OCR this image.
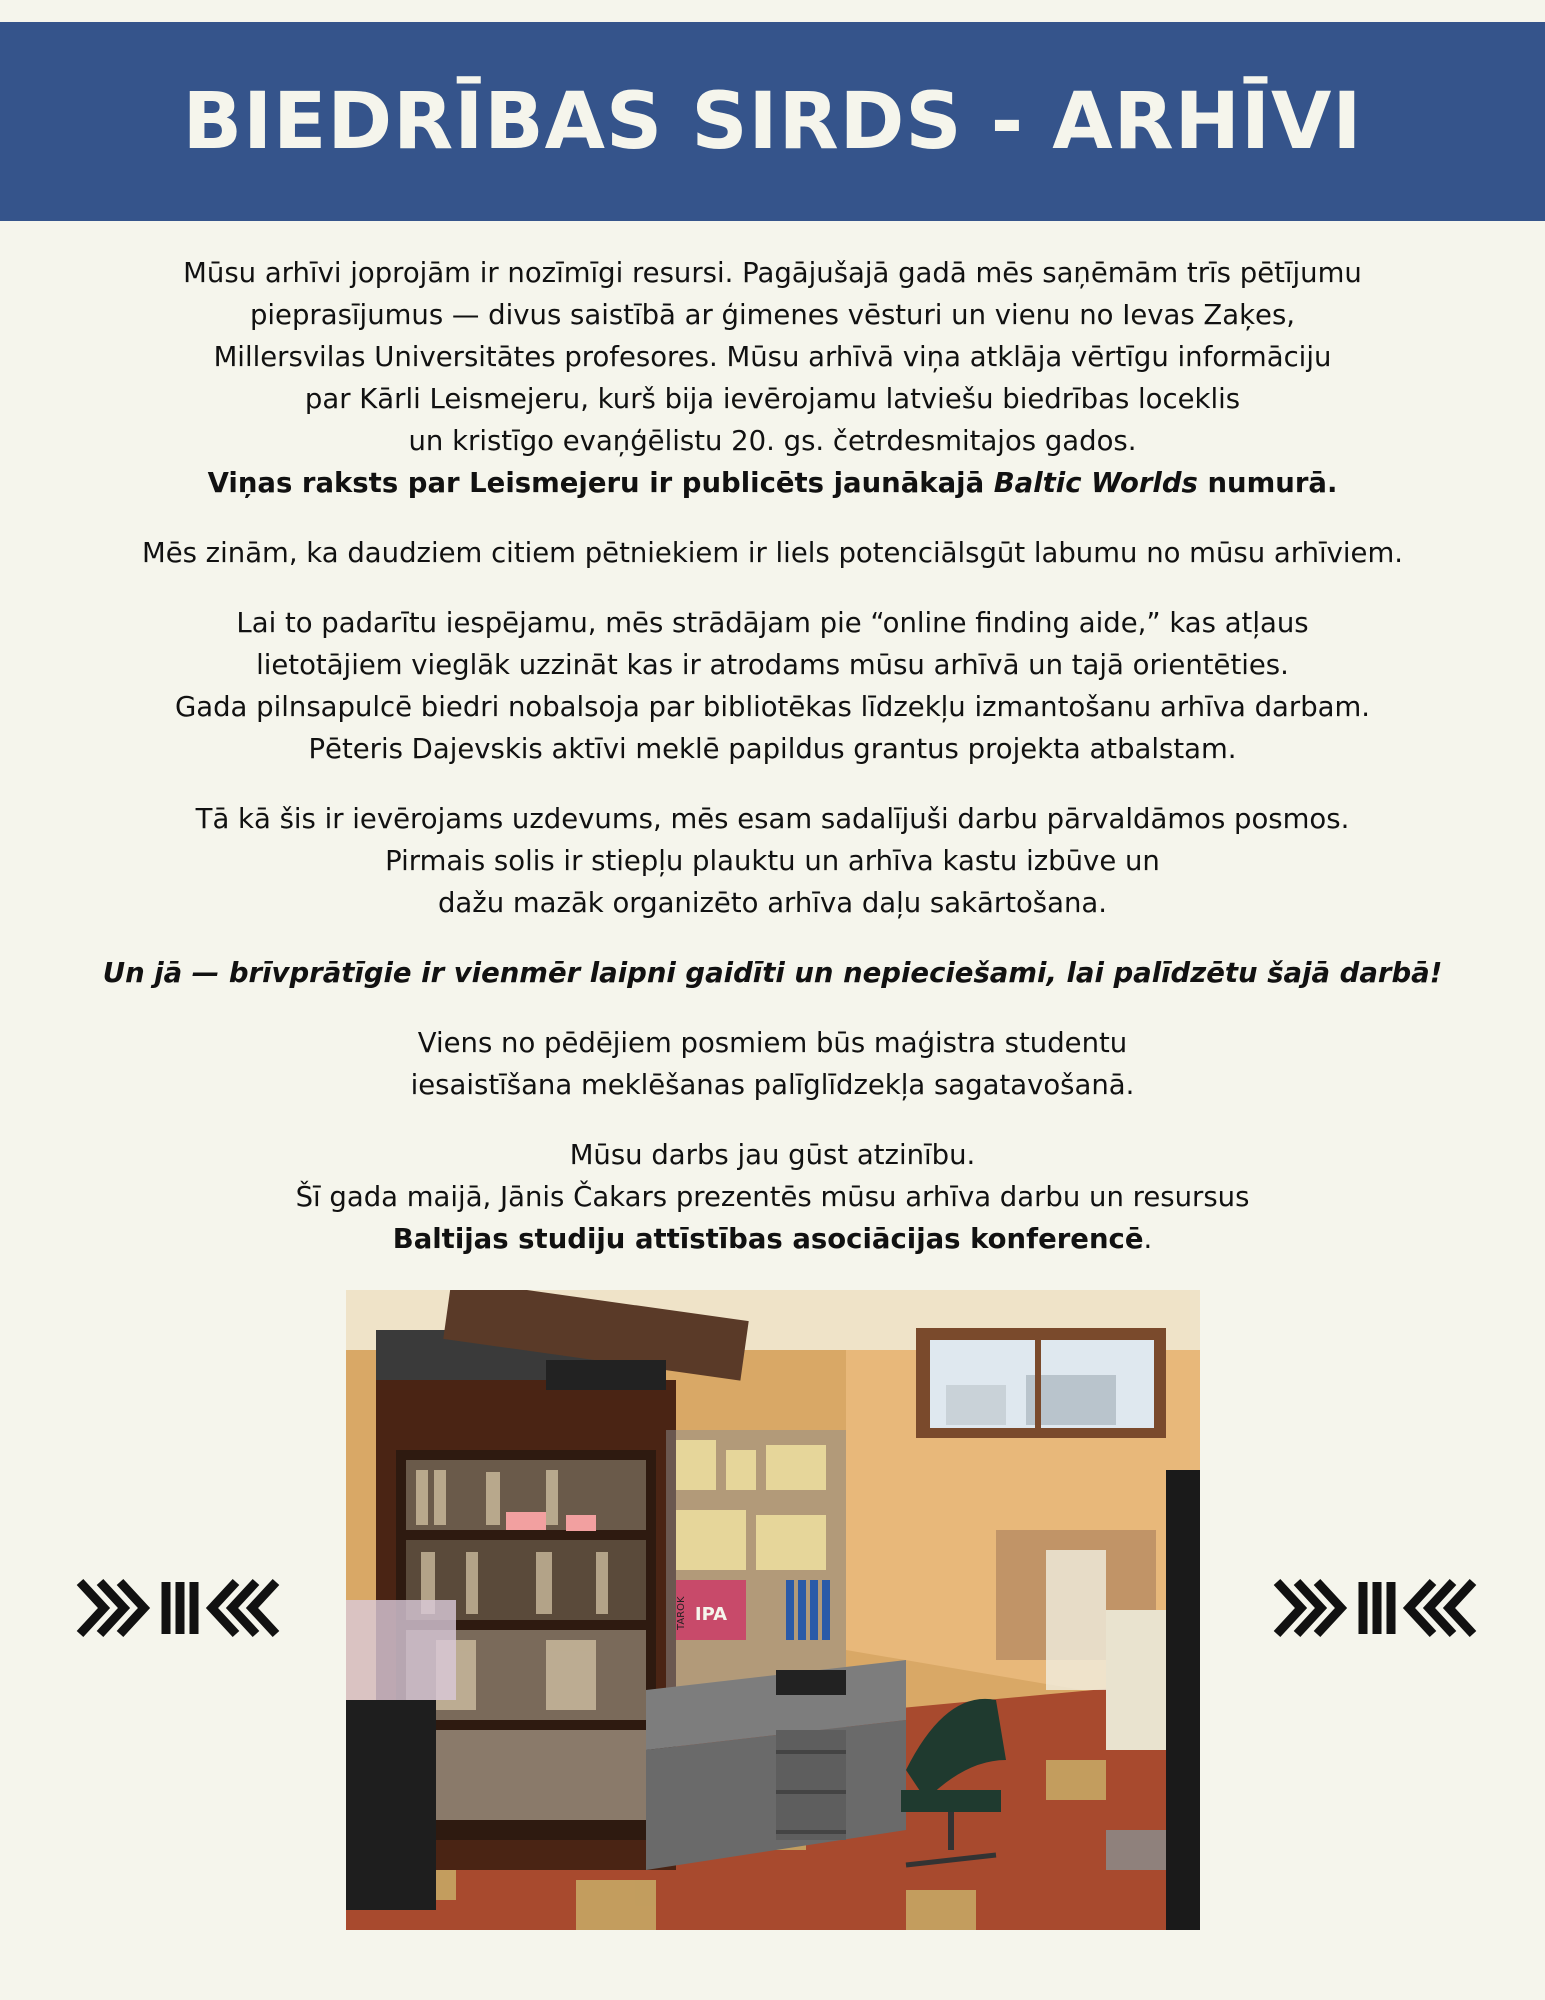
BIEDRĪBAS SIRDS - ARHĪVI

Mūsu arhīvi joprojām ir nozīmīgi resursi. Pagājušajā gadā mēs saņēmām trīs pētījumu
pieprasījumus — divus saistībā ar ģimenes vēsturi un vienu no Ievas Zaķes,
Millersvilas Universitātes profesores. Mūsu arhīvā viņa atklāja vērtīgu informāciju
par Kārli Leismejeru, kurš bija ievērojamu latviešu biedrības loceklis
un kristīgo evaņģēlistu 20. gs. četrdesmitajos gados.
Viņas raksts par Leismejeru ir publicēts jaunākajā Baltic Worlds numurā.

Mēs zinām, ka daudziem citiem pētniekiem ir liels potenciālsgūt labumu no mūsu arhīviem.

Lai to padarītu iespējamu, mēs strādājam pie “online finding aide,” kas atļaus
lietotājiem vieglāk uzzināt kas ir atrodams mūsu arhīvā un tajā orientēties.
Gada pilnsapulcē biedri nobalsoja par bibliotēkas līdzekļu izmantošanu arhīva darbam.
Pēteris Dajevskis aktīvi meklē papildus grantus projekta atbalstam.

Tā kā šis ir ievērojams uzdevums, mēs esam sadalījuši darbu pārvaldāmos posmos.
Pirmais solis ir stiepļu plauktu un arhīva kastu izbūve un
dažu mazāk organizēto arhīva daļu sakārtošana.

Un jā — brīvprātīgie ir vienmēr laipni gaidīti un nepieciešami, lai palīdzētu šajā darbā!

Viens no pēdējiem posmiem būs maģistra studentu
iesaistīšana meklēšanas palīglīdzekļa sagatavošanā.

Mūsu darbs jau gūst atzinību.
Šī gada maijā, Jānis Čakars prezentēs mūsu arhīva darbu un resursus
Baltijas studiju attīstības asociācijas konferencē.

IPA
TAROK
